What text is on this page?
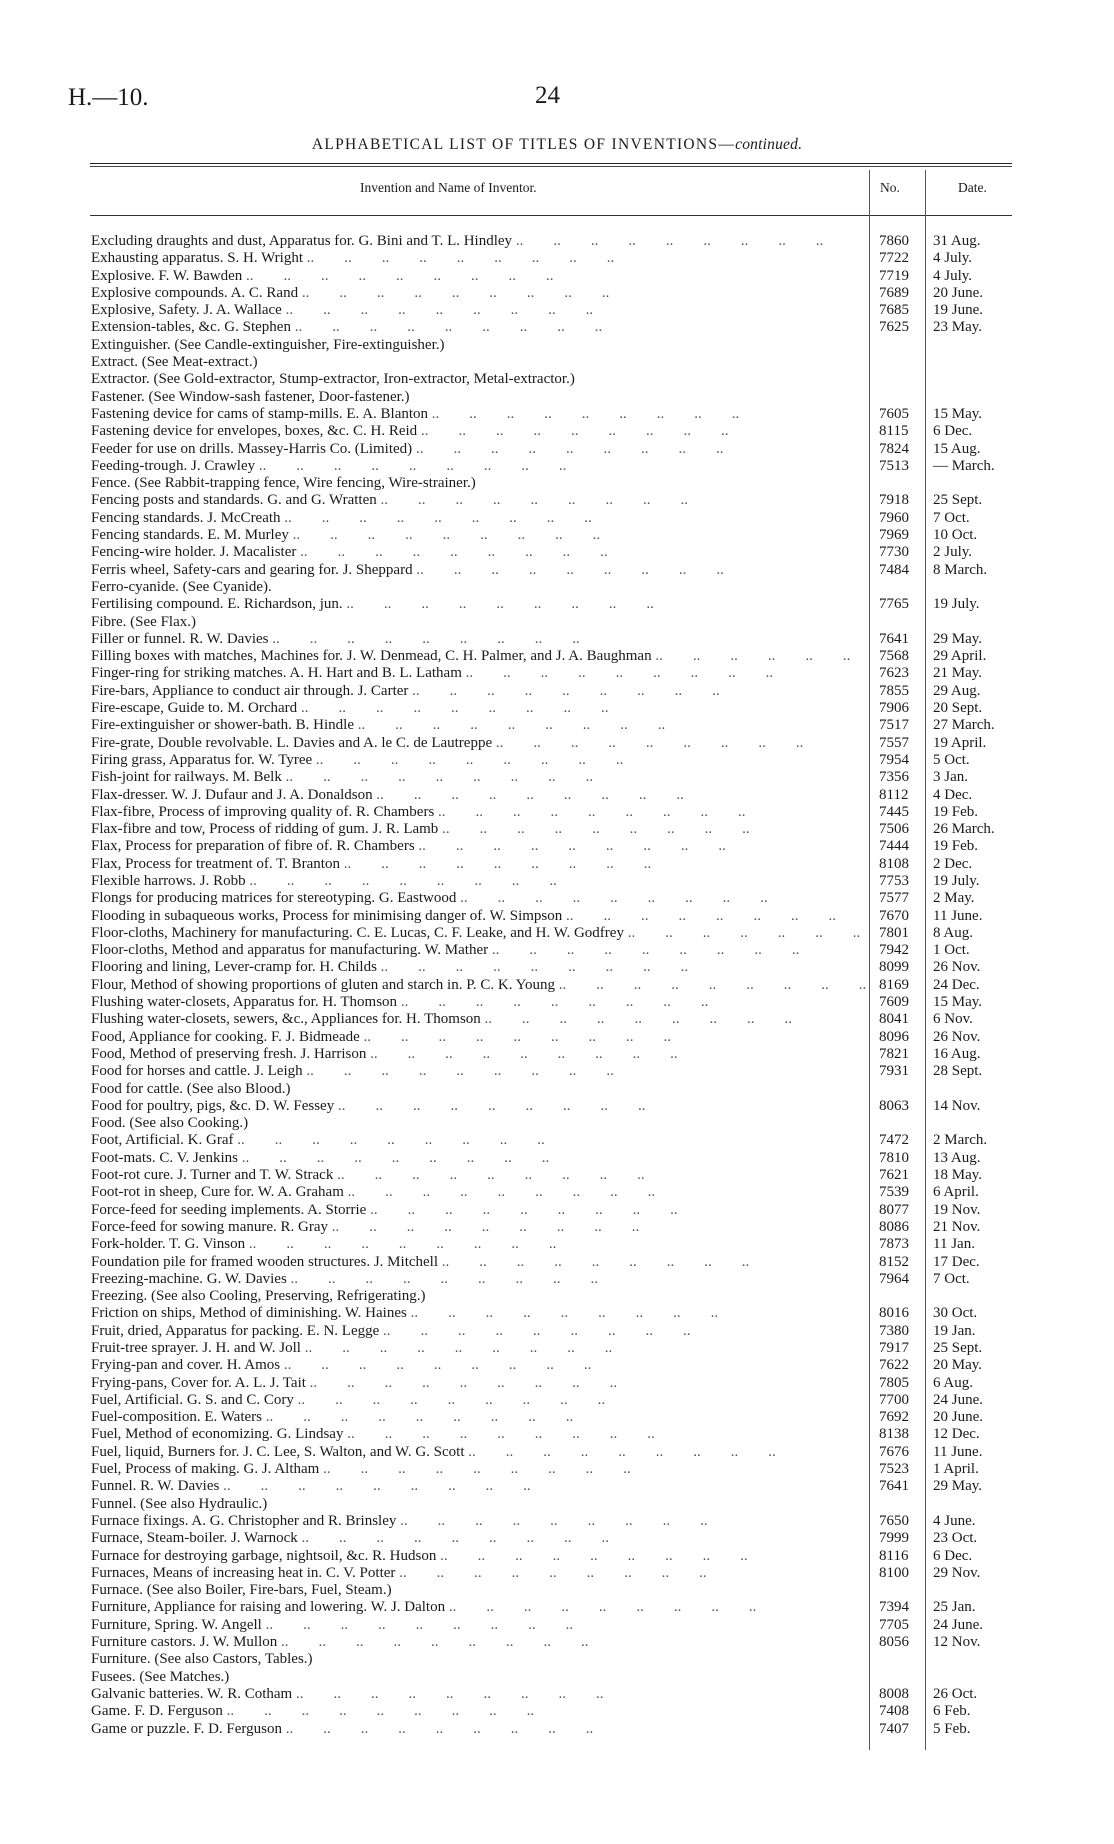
H.—10.	24
ALPHABETICAL LIST OF TITLES OF INVENTIONS—continued.
Invention and Name of Inventor.	No.	Date.
Excluding draughts and dust, Apparatus for. G. Bini and T. L. Hindley ..	7860	31 Aug.
Exhausting apparatus. S. H. Wright ..	7722	4 July.
Explosive. F. W. Bawden ..	7719	4 July.
Explosive compounds. A. C. Rand ..	7689	20 June.
Explosive, Safety. J. A. Wallace ..	7685	19 June.
Extension-tables, &c. G. Stephen ..	7625	23 May.
Extinguisher. (See Candle-extinguisher, Fire-extinguisher.)
Extract. (See Meat-extract.)
Extractor. (See Gold-extractor, Stump-extractor, Iron-extractor, Metal-extractor.)
Fastener. (See Window-sash fastener, Door-fastener.)
Fastening device for cams of stamp-mills. E. A. Blanton ..	7605	15 May.
Fastening device for envelopes, boxes, &c. C. H. Reid ..	8115	6 Dec.
Feeder for use on drills. Massey-Harris Co. (Limited) ..	7824	15 Aug.
Feeding-trough. J. Crawley ..	7513	— March.
Fence. (See Rabbit-trapping fence, Wire fencing, Wire-strainer.)
Fencing posts and standards. G. and G. Wratten ..	7918	25 Sept.
Fencing standards. J. McCreath ..	7960	7 Oct.
Fencing standards. E. M. Murley ..	7969	10 Oct.
Fencing-wire holder. J. Macalister ..	7730	2 July.
Ferris wheel, Safety-cars and gearing for. J. Sheppard ..	7484	8 March.
Ferro-cyanide. (See Cyanide).
Fertilising compound. E. Richardson, jun. ..	7765	19 July.
Fibre. (See Flax.)
Filler or funnel. R. W. Davies ..	7641	29 May.
Filling boxes with matches, Machines for. J. W. Denmead, C. H. Palmer, and J. A. Baughman ..	7568	29 April.
Finger-ring for striking matches. A. H. Hart and B. L. Latham ..	7623	21 May.
Fire-bars, Appliance to conduct air through. J. Carter ..	7855	29 Aug.
Fire-escape, Guide to. M. Orchard ..	7906	20 Sept.
Fire-extinguisher or shower-bath. B. Hindle ..	7517	27 March.
Fire-grate, Double revolvable. L. Davies and A. le C. de Lautreppe ..	7557	19 April.
Firing grass, Apparatus for. W. Tyree ..	7954	5 Oct.
Fish-joint for railways. M. Belk ..	7356	3 Jan.
Flax-dresser. W. J. Dufaur and J. A. Donaldson ..	8112	4 Dec.
Flax-fibre, Process of improving quality of. R. Chambers ..	7445	19 Feb.
Flax-fibre and tow, Process of ridding of gum. J. R. Lamb ..	7506	26 March.
Flax, Process for preparation of fibre of. R. Chambers ..	7444	19 Feb.
Flax, Process for treatment of. T. Branton ..	8108	2 Dec.
Flexible harrows. J. Robb ..	7753	19 July.
Flongs for producing matrices for stereotyping. G. Eastwood ..	7577	2 May.
Flooding in subaqueous works, Process for minimising danger of. W. Simpson ..	7670	11 June.
Floor-cloths, Machinery for manufacturing. C. E. Lucas, C. F. Leake, and H. W. Godfrey ..	7801	8 Aug.
Floor-cloths, Method and apparatus for manufacturing. W. Mather ..	7942	1 Oct.
Flooring and lining, Lever-cramp for. H. Childs ..	8099	26 Nov.
Flour, Method of showing proportions of gluten and starch in. P. C. K. Young ..	8169	24 Dec.
Flushing water-closets, Apparatus for. H. Thomson ..	7609	15 May.
Flushing water-closets, sewers, &c., Appliances for. H. Thomson ..	8041	6 Nov.
Food, Appliance for cooking. F. J. Bidmeade ..	8096	26 Nov.
Food, Method of preserving fresh. J. Harrison ..	7821	16 Aug.
Food for horses and cattle. J. Leigh ..	7931	28 Sept.
Food for cattle. (See also Blood.)
Food for poultry, pigs, &c. D. W. Fessey ..	8063	14 Nov.
Food. (See also Cooking.)
Foot, Artificial. K. Graf ..	7472	2 March.
Foot-mats. C. V. Jenkins ..	7810	13 Aug.
Foot-rot cure. J. Turner and T. W. Strack ..	7621	18 May.
Foot-rot in sheep, Cure for. W. A. Graham ..	7539	6 April.
Force-feed for seeding implements. A. Storrie ..	8077	19 Nov.
Force-feed for sowing manure. R. Gray ..	8086	21 Nov.
Fork-holder. T. G. Vinson ..	7873	11 Jan.
Foundation pile for framed wooden structures. J. Mitchell ..	8152	17 Dec.
Freezing-machine. G. W. Davies ..	7964	7 Oct.
Freezing. (See also Cooling, Preserving, Refrigerating.)
Friction on ships, Method of diminishing. W. Haines ..	8016	30 Oct.
Fruit, dried, Apparatus for packing. E. N. Legge ..	7380	19 Jan.
Fruit-tree sprayer. J. H. and W. Joll ..	7917	25 Sept.
Frying-pan and cover. H. Amos ..	7622	20 May.
Frying-pans, Cover for. A. L. J. Tait ..	7805	6 Aug.
Fuel, Artificial. G. S. and C. Cory ..	7700	24 June.
Fuel-composition. E. Waters ..	7692	20 June.
Fuel, Method of economizing. G. Lindsay ..	8138	12 Dec.
Fuel, liquid, Burners for. J. C. Lee, S. Walton, and W. G. Scott ..	7676	11 June.
Fuel, Process of making. G. J. Altham ..	7523	1 April.
Funnel. R. W. Davies ..	7641	29 May.
Funnel. (See also Hydraulic.)
Furnace fixings. A. G. Christopher and R. Brinsley ..	7650	4 June.
Furnace, Steam-boiler. J. Warnock ..	7999	23 Oct.
Furnace for destroying garbage, nightsoil, &c. R. Hudson ..	8116	6 Dec.
Furnaces, Means of increasing heat in. C. V. Potter ..	8100	29 Nov.
Furnace. (See also Boiler, Fire-bars, Fuel, Steam.)
Furniture, Appliance for raising and lowering. W. J. Dalton ..	7394	25 Jan.
Furniture, Spring. W. Angell ..	7705	24 June.
Furniture castors. J. W. Mullon ..	8056	12 Nov.
Furniture. (See also Castors, Tables.)
Fusees. (See Matches.)
Galvanic batteries. W. R. Cotham ..	8008	26 Oct.
Game. F. D. Ferguson ..	7408	6 Feb.
Game or puzzle. F. D. Ferguson ..	7407	5 Feb.
